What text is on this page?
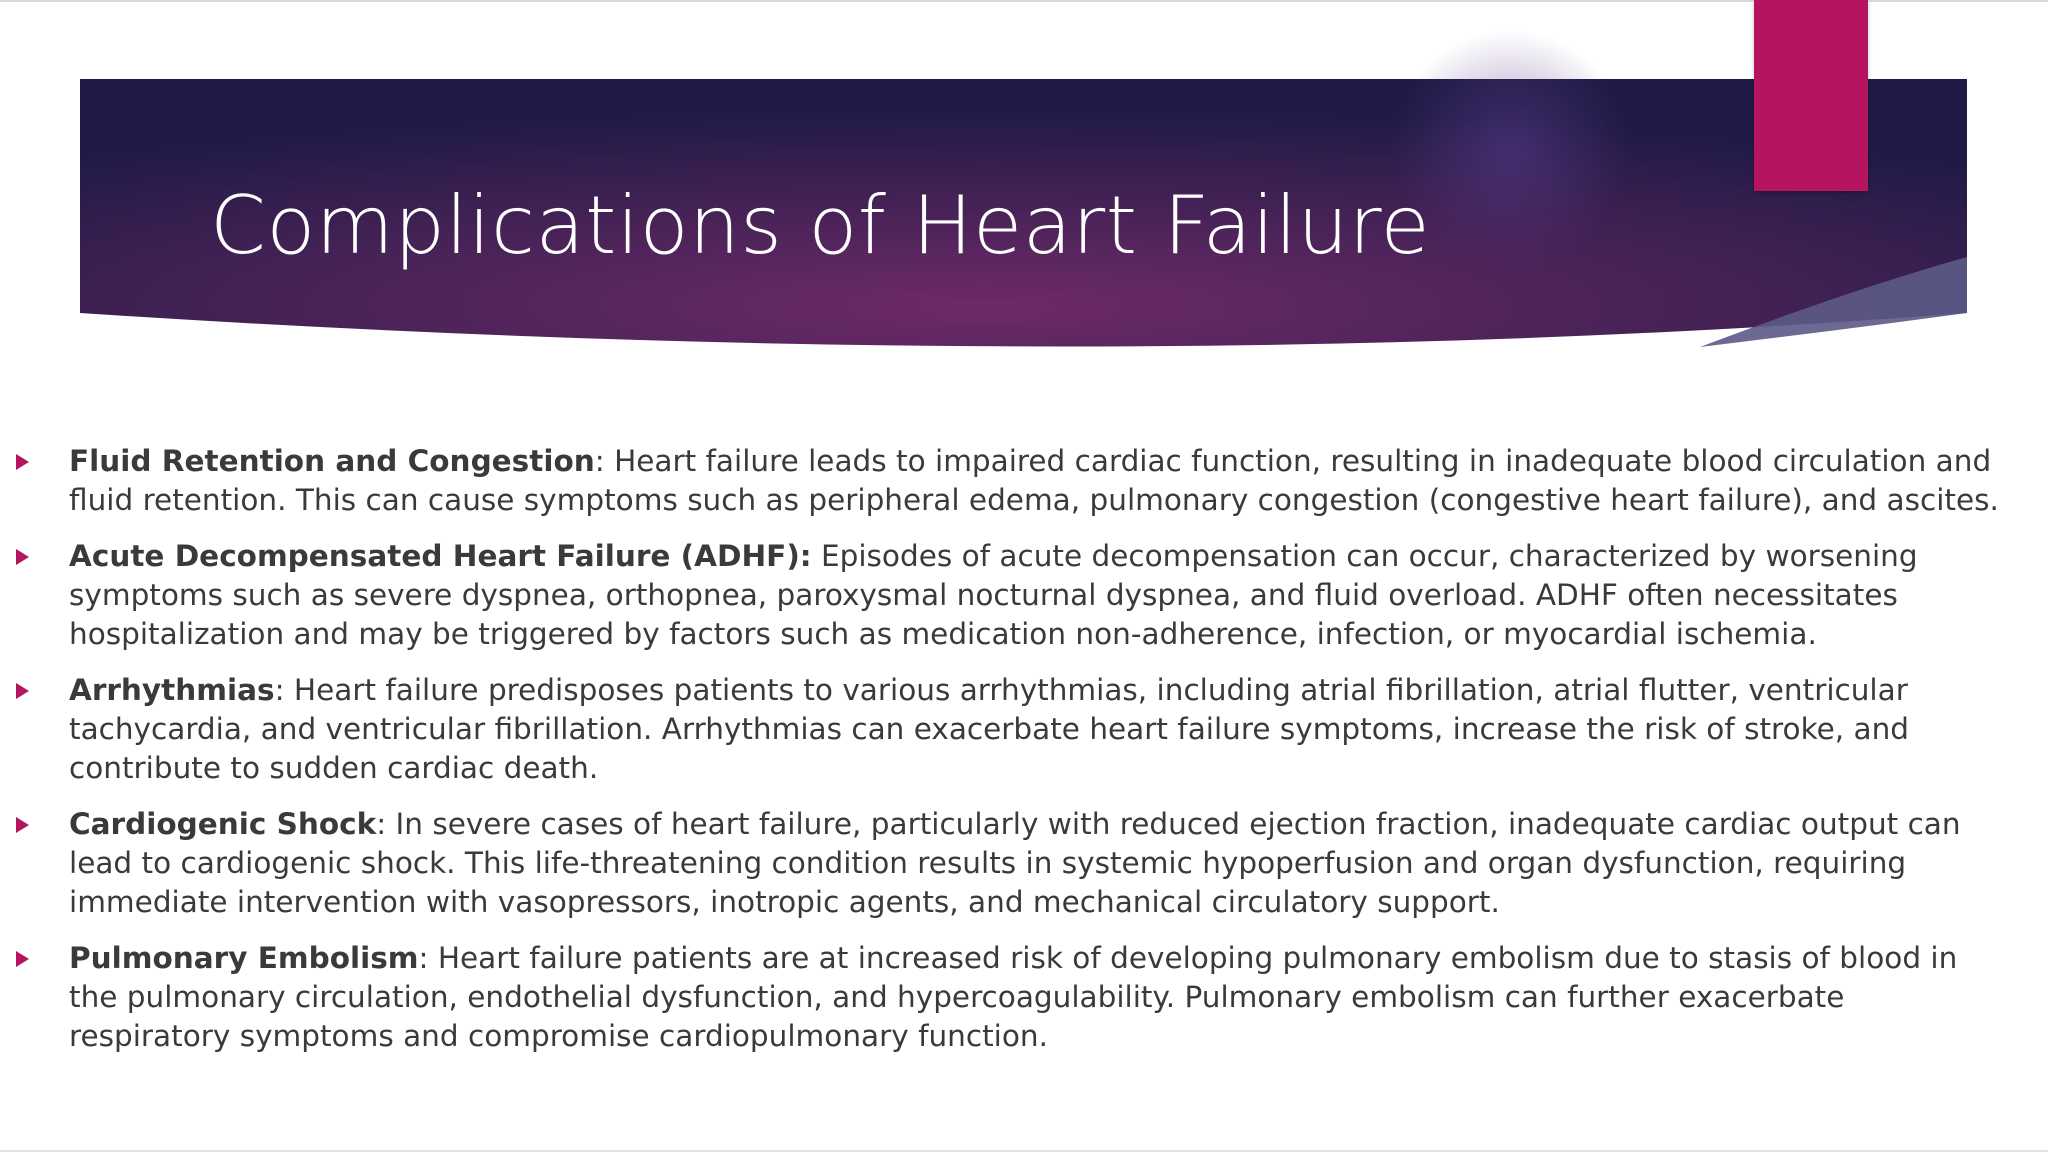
Complications of Heart Failure
Fluid Retention and Congestion: Heart failure leads to impaired cardiac function, resulting in inadequate blood circulation and fluid retention. This can cause symptoms such as peripheral edema, pulmonary congestion (congestive heart failure), and ascites.
Acute Decompensated Heart Failure (ADHF): Episodes of acute decompensation can occur, characterized by worsening symptoms such as severe dyspnea, orthopnea, paroxysmal nocturnal dyspnea, and fluid overload. ADHF often necessitates hospitalization and may be triggered by factors such as medication non-adherence, infection, or myocardial ischemia.
Arrhythmias: Heart failure predisposes patients to various arrhythmias, including atrial fibrillation, atrial flutter, ventricular tachycardia, and ventricular fibrillation. Arrhythmias can exacerbate heart failure symptoms, increase the risk of stroke, and contribute to sudden cardiac death.
Cardiogenic Shock: In severe cases of heart failure, particularly with reduced ejection fraction, inadequate cardiac output can lead to cardiogenic shock. This life-threatening condition results in systemic hypoperfusion and organ dysfunction, requiring immediate intervention with vasopressors, inotropic agents, and mechanical circulatory support.
Pulmonary Embolism: Heart failure patients are at increased risk of developing pulmonary embolism due to stasis of blood in the pulmonary circulation, endothelial dysfunction, and hypercoagulability. Pulmonary embolism can further exacerbate respiratory symptoms and compromise cardiopulmonary function.
